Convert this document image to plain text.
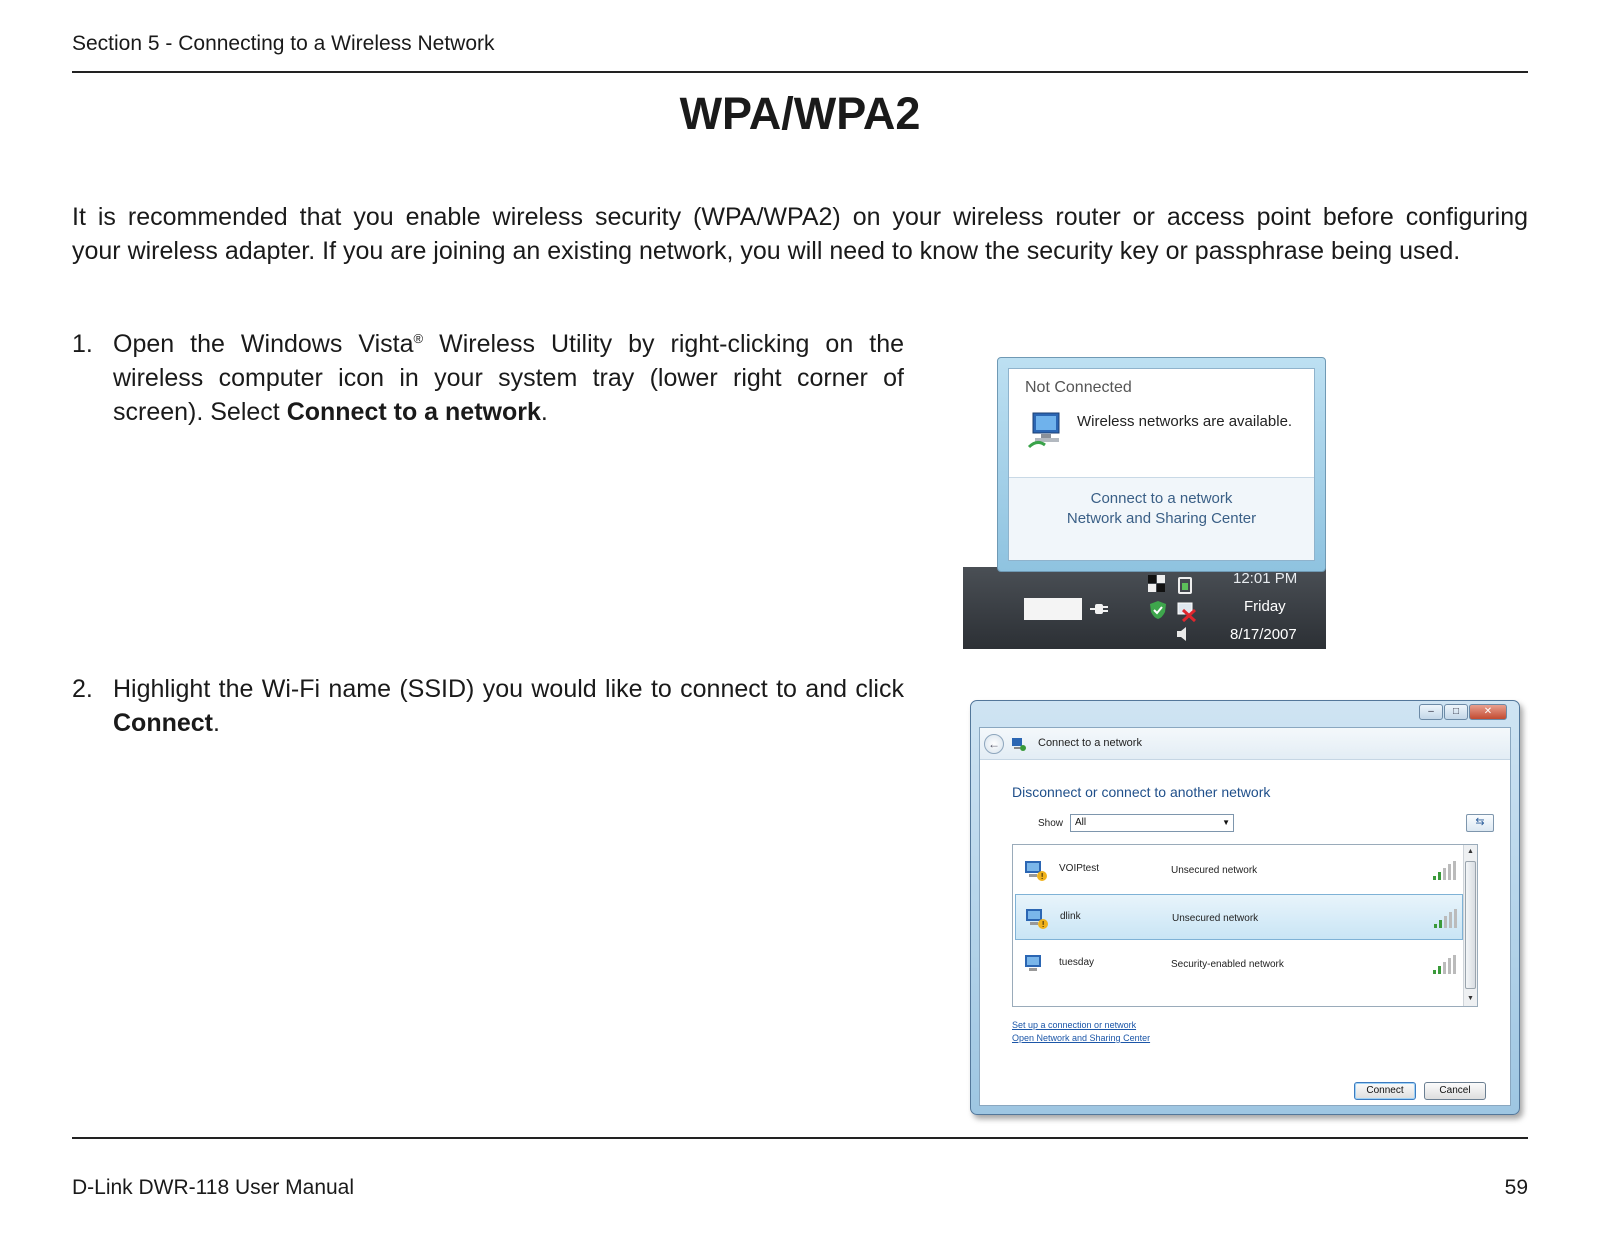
Section 5 - Connecting to a Wireless Network
WPA/WPA2

It is recommended that you enable wireless security (WPA/WPA2) on your wireless router or access point before configuring

your wireless adapter. If you are joining an existing network, you will need to know the security key or passphrase being used.

1. Open the Windows Vista® Wireless Utility by right-clicking on the wireless computer icon in your system tray (lower right corner of screen). Select Connect to a network.
2. Highlight the Wi-Fi name (SSID) you would like to connect to and click Connect.
Not Connected
Wireless networks are available.
Connect to a network
Network and Sharing Center
12:01 PM
Friday
8/17/2007
–	□	✕
←	Connect to a network
Disconnect or connect to another network
Show	All	▼	⇆
!
VOIPtest	Unsecured network
!
dlink	Unsecured network
tuesday	Security-enabled network
▲
▼
Set up a connection or network
Open Network and Sharing Center
Connect	Cancel
D-Link DWR-118 User Manual	59
